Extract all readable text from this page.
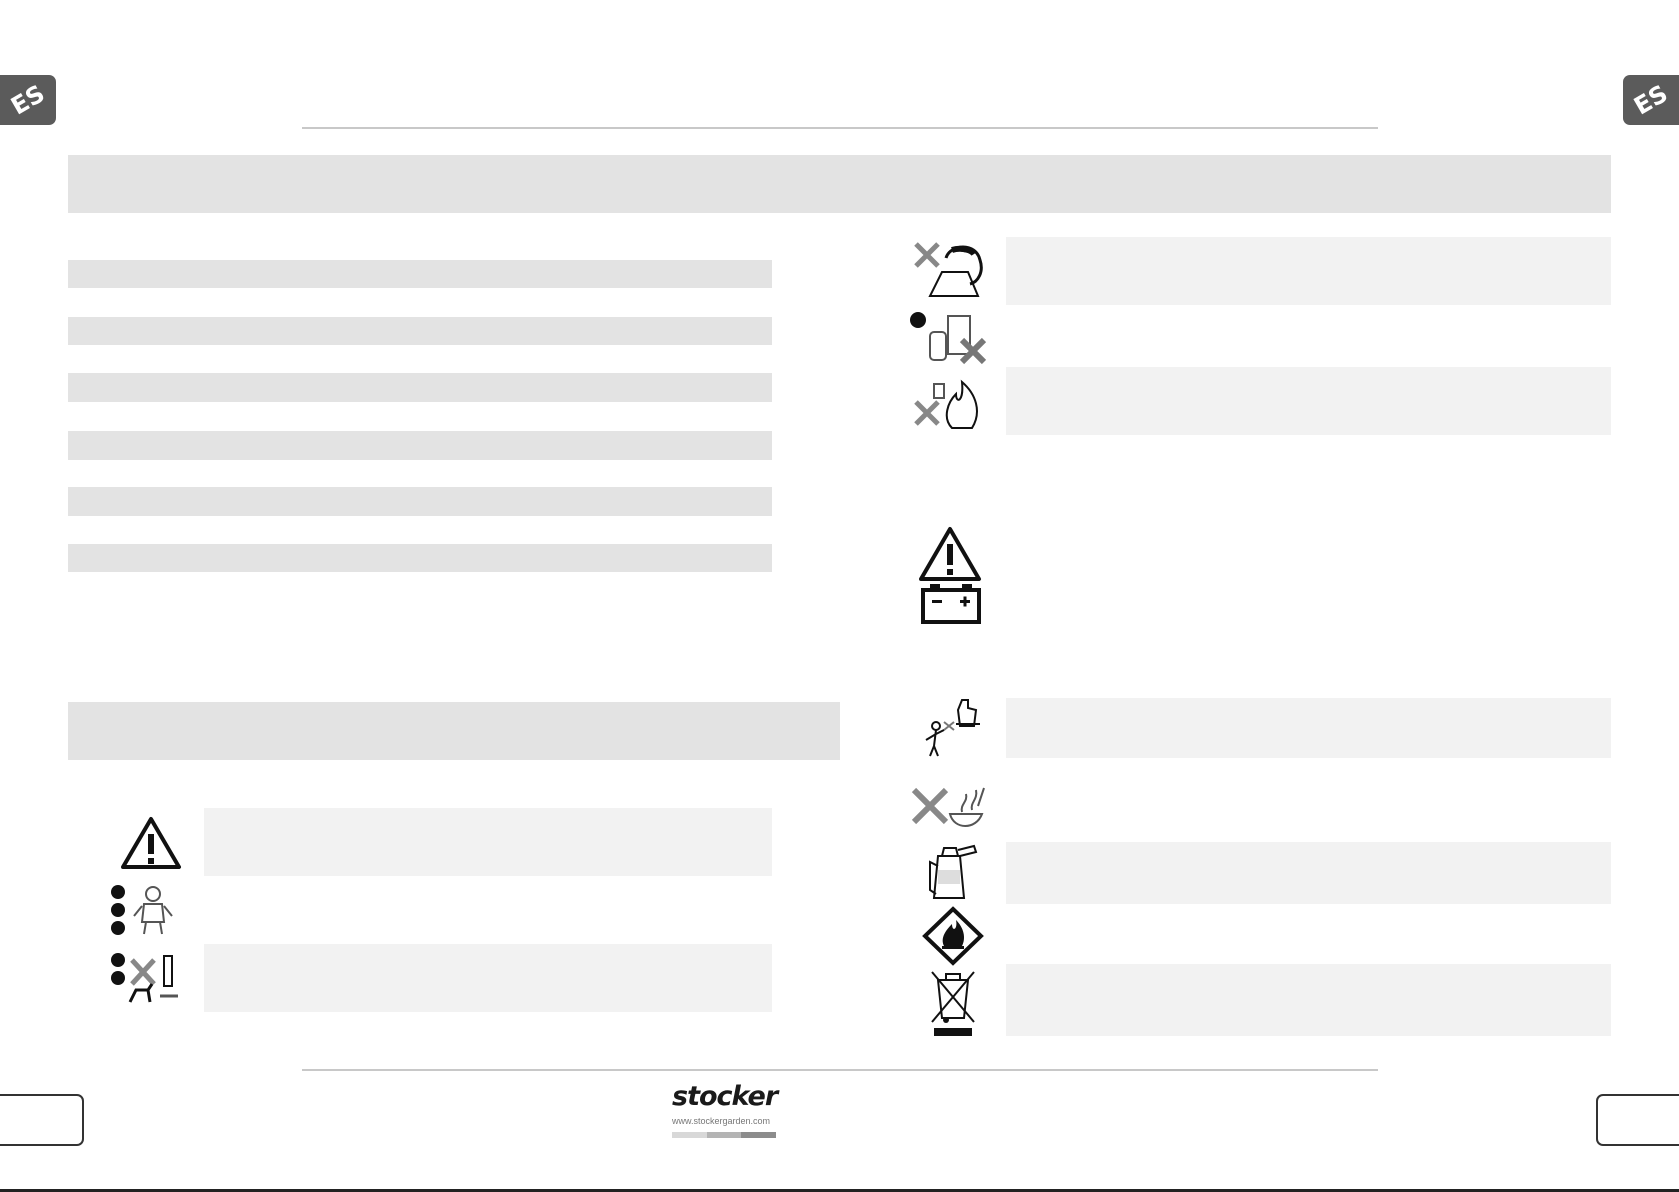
ES	ES
stocker
www.stockergarden.com
